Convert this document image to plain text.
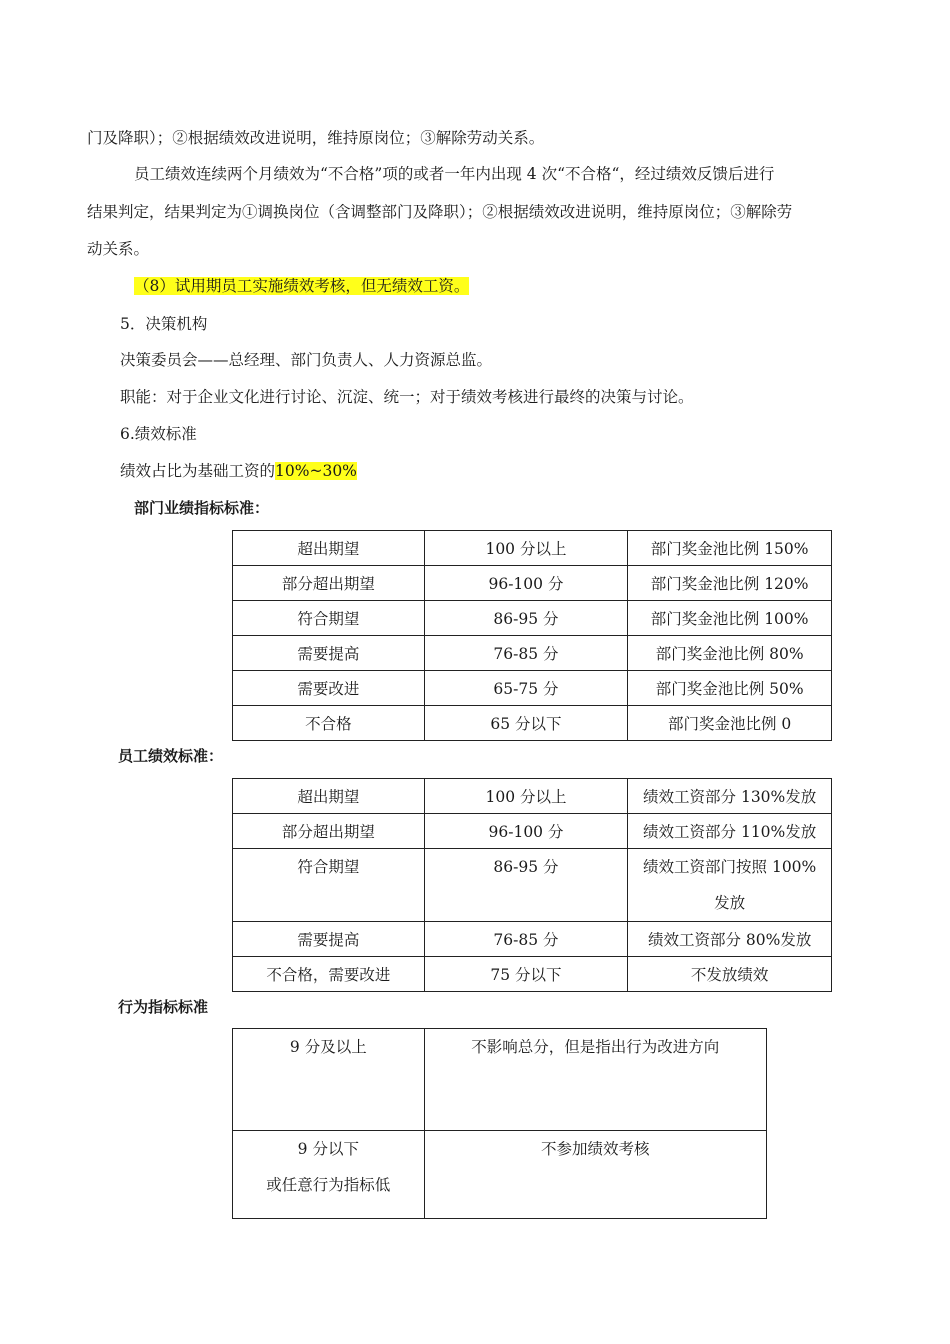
门及降职）；②根据绩效改进说明，维持原岗位；③解除劳动关系。
员工绩效连续两个月绩效为“不合格”项的或者一年内出现 4 次“不合格“，经过绩效反馈后进行
结果判定，结果判定为①调换岗位（含调整部门及降职）；②根据绩效改进说明，维持原岗位；③解除劳
动关系。
（8）试用期员工实施绩效考核，但无绩效工资。
5．决策机构
决策委员会——总经理、部门负责人、人力资源总监。
职能：对于企业文化进行讨论、沉淀、统一；对于绩效考核进行最终的决策与讨论。
6.绩效标准
绩效占比为基础工资的10%~30%
部门业绩指标标准：
超出期望	100 分以上	部门奖金池比例 150%
部分超出期望	96-100 分	部门奖金池比例 120%
符合期望	86-95 分	部门奖金池比例 100%
需要提高	76-85 分	部门奖金池比例 80%
需要改进	65-75 分	部门奖金池比例 50%
不合格	65 分以下	部门奖金池比例 0
员工绩效标准：
超出期望	100 分以上	绩效工资部分 130%发放
部分超出期望	96-100 分	绩效工资部分 110%发放
符合期望	86-95 分	绩效工资部门按照 100%
发放

需要提高	76-85 分	绩效工资部分 80%发放
不合格，需要改进	75 分以下	不发放绩效
行为指标标准
9 分及以上	不影响总分，但是指出行为改进方向

9 分以下
或任意行为指标低	不参加绩效考核
